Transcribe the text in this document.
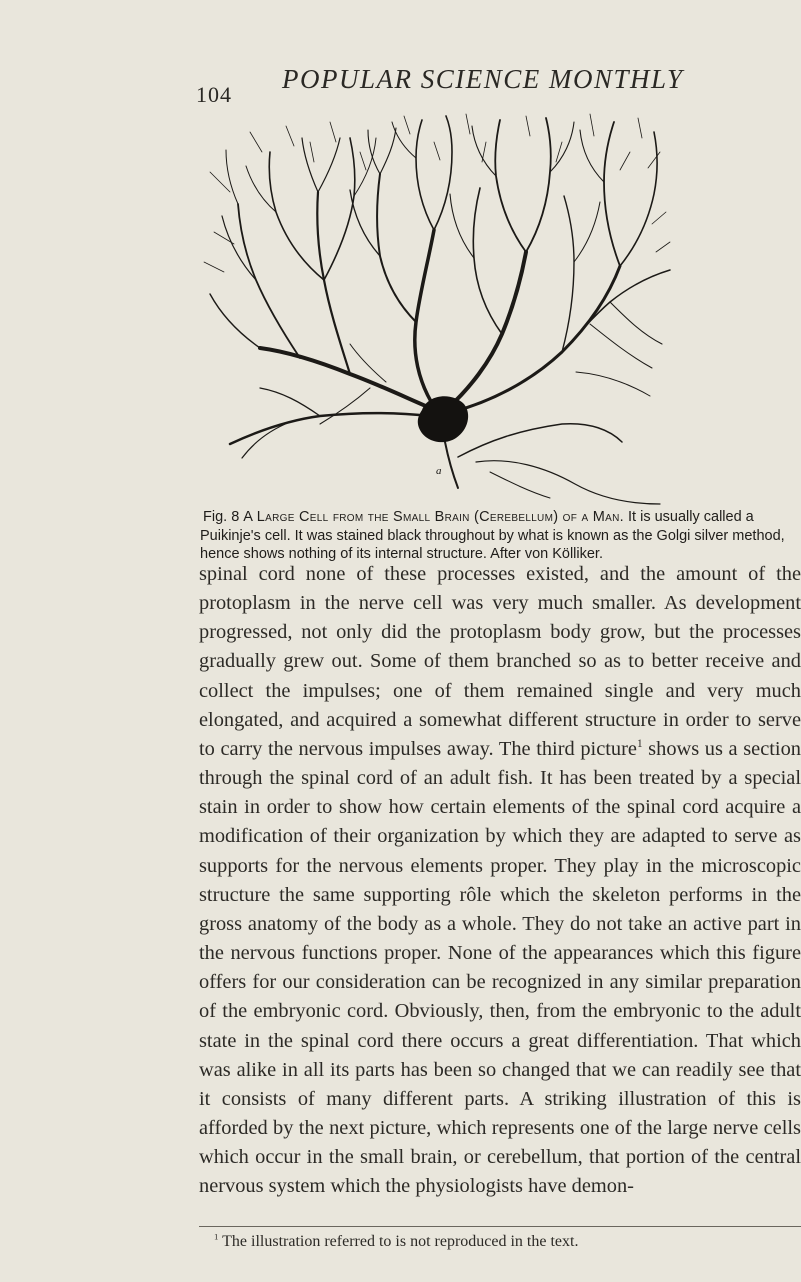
104
POPULAR SCIENCE MONTHLY
a
Fig. 8 A Large Cell from the Small Brain (Cerebellum) of a Man. It is usually called a Puikinje's cell. It was stained black throughout by what is known as the Golgi silver method, hence shows nothing of its internal structure. After von Kölliker.

spinal cord none of these processes existed, and the amount of the protoplasm in the nerve cell was very much smaller. As development progressed, not only did the protoplasm body grow, but the processes gradually grew out. Some of them branched so as to better receive and collect the impulses; one of them remained single and very much elongated, and acquired a somewhat different structure in order to serve to carry the nervous impulses away. The third picture$^1$ shows us a section through the spinal cord of an adult fish. It has been treated by a special stain in order to show how certain elements of the spinal cord acquire a modification of their organization by which they are adapted to serve as supports for the nervous elements proper. They play in the microscopic structure the same supporting rôle which the skeleton performs in the gross anatomy of the body as a whole. They do not take an active part in the nervous functions proper. None of the appearances which this figure offers for our consideration can be recognized in any similar preparation of the embryonic cord. Obviously, then, from the embryonic to the adult state in the spinal cord there occurs a great differentiation. That which was alike in all its parts has been so changed that we can readily see that it consists of many different parts. A striking illustration of this is afforded by the next picture, which represents one of the large nerve cells which occur in the small brain, or cerebellum, that portion of the central nervous system which the physiologists have demon-

$^1$ The illustration referred to is not reproduced in the text.
